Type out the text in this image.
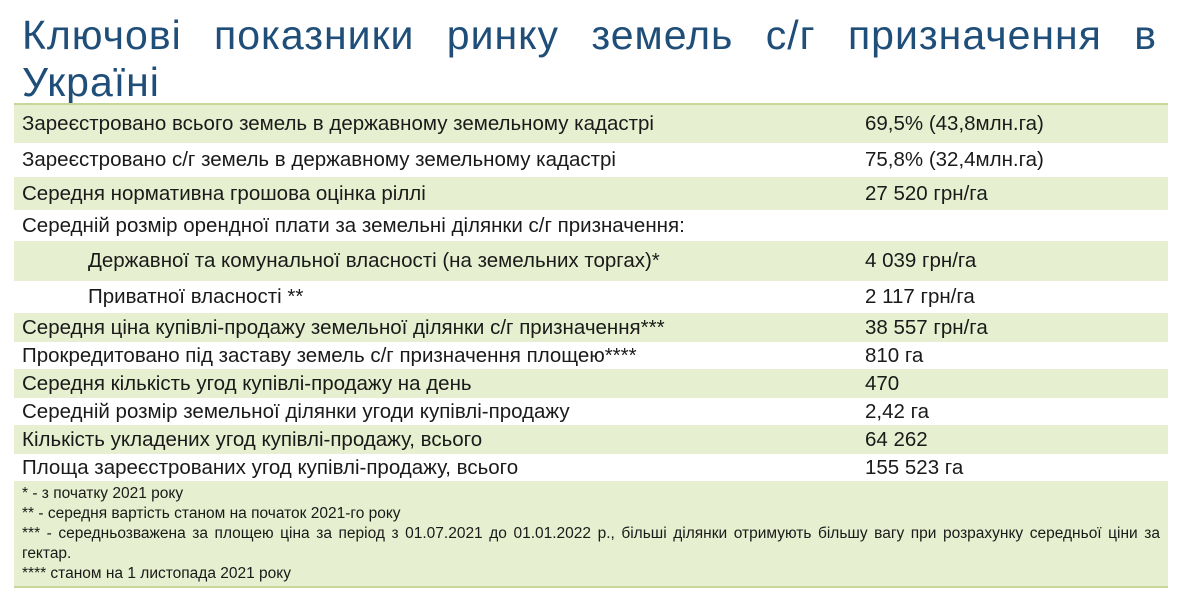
Ключові показники ринку земель с/г призначення в Україні
Зареєстровано всього земель в державному земельному кадастрі	69,5% (43,8млн.га)
Зареєстровано с/г земель в державному земельному кадастрі	75,8% (32,4млн.га)
Середня нормативна грошова оцінка ріллі	27 520 грн/га
Середній розмір орендної плати за земельні ділянки с/г призначення:
Державної та комунальної власності (на земельних торгах)*	4 039 грн/га
Приватної власності **	2 117 грн/га
Середня ціна купівлі-продажу земельної ділянки с/г призначення***	38 557 грн/га
Прокредитовано під заставу земель с/г призначення площею****	810 га
Середня кількість угод купівлі-продажу на день	470
Середній розмір земельної ділянки угоди купівлі-продажу	2,42 га
Кількість укладених угод купівлі-продажу, всього	64 262
Площа зареєстрованих угод купівлі-продажу, всього	155 523 га
* - з початку 2021 року
** - середня вартість станом на початок 2021-го року
*** - середньозважена за площею ціна за період з 01.07.2021 до 01.01.2022 р., більші ділянки отримують більшу вагу при розрахунку середньої ціни за гектар.
**** станом на 1 листопада 2021 року
